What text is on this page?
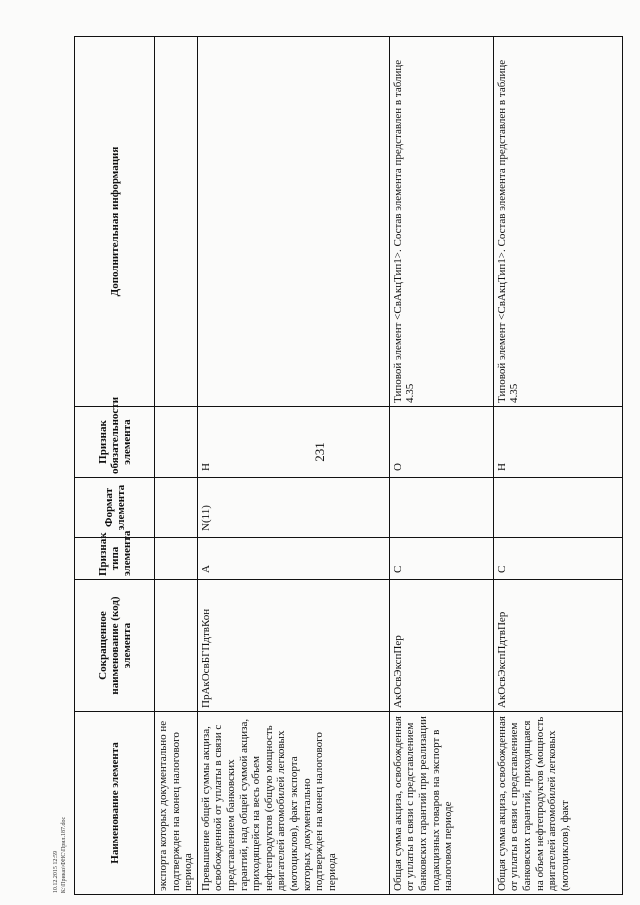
231
10.12.2015 12:59 К:\Приказ\ФНС\Прил.187.doc	Наименование элемента	Сокращенное наименование (код) элемента	Признак типа элемента	Формат элемента	Признак обязательности элемента	Дополнительная информация
экспорта которых документально не подтвержден на конец налогового периода					
Превышение общей суммы акциза, освобожденной от уплаты в связи с представлением банковских гарантий, над общей суммой акциза, приходящейся на весь объем нефтепродуктов (общую мощность двигателей автомобилей легковых (мотоциклов), факт экспорта которых документально подтвержден на конец налогового периода	ПрАкОсвБГПдтвКон	А	N(11)	Н	
Общая сумма акциза, освобожденная от уплаты в связи с представлением банковских гарантий при реализации подакцизных товаров на экспорт в налоговом периоде	АкОсвЭкспПер	С		О	Типовой элемент <СвАкцТип1>. Состав элемента представлен в таблице 4.35
Общая сумма акциза, освобожденная от уплаты в связи с представлением банковских гарантий, приходящаяся на объем нефтепродуктов (мощность двигателей автомобилей легковых (мотоциклов), факт	АкОсвЭкспПдтвПер	С		Н	Типовой элемент <СвАкцТип1>. Состав элемента представлен в таблице 4.35
